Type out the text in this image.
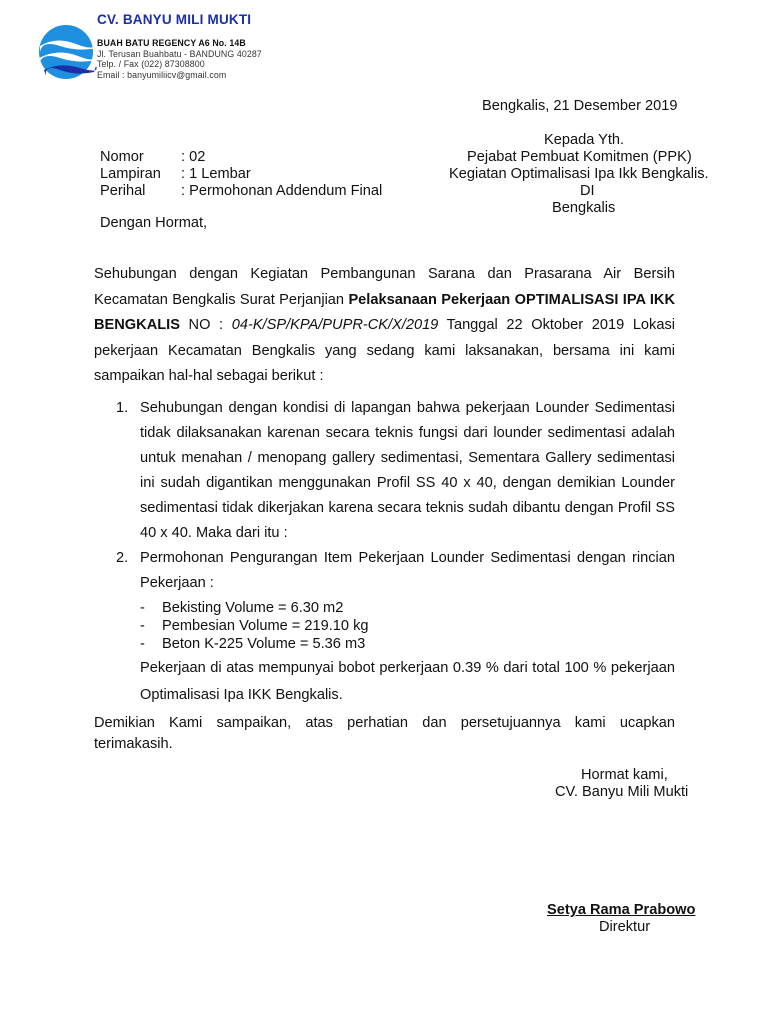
CV. BANYU MILI MUKTI
BUAH BATU REGENCY A6 No. 14B
Jl. Terusan Buahbatu - BANDUNG 40287
Telp. / Fax (022) 87308800
Email : banyumiliicv@gmail.com
Bengkalis, 21 Desember 2019
Nomor	: 02
Lampiran : 1 Lembar
Perihal : Permohonan Addendum Final
Kepada Yth.
Pejabat Pembuat Komitmen (PPK)
Kegiatan Optimalisasi Ipa Ikk Bengkalis.
DI
Bengkalis
Dengan Hormat,
Sehubungan dengan Kegiatan Pembangunan Sarana dan Prasarana Air Bersih Kecamatan Bengkalis Surat Perjanjian Pelaksanaan Pekerjaan OPTIMALISASI IPA IKK BENGKALIS NO : 04-K/SP/KPA/PUPR-CK/X/2019 Tanggal 22 Oktober 2019 Lokasi pekerjaan Kecamatan Bengkalis yang sedang kami laksanakan, bersama ini kami sampaikan hal-hal sebagai berikut :
1. Sehubungan dengan kondisi di lapangan bahwa pekerjaan Lounder Sedimentasi tidak dilaksanakan karenan secara teknis fungsi dari lounder sedimentasi adalah untuk menahan / menopang gallery sedimentasi, Sementara Gallery sedimentasi ini sudah digantikan menggunakan Profil SS 40 x 40, dengan demikian Lounder sedimentasi tidak dikerjakan karena secara teknis sudah dibantu dengan Profil SS 40 x 40. Maka dari itu :
2. Permohonan Pengurangan Item Pekerjaan Lounder Sedimentasi dengan rincian Pekerjaan :
- Bekisting Volume = 6.30 m2
- Pembesian Volume = 219.10 kg
- Beton K-225 Volume = 5.36 m3
Pekerjaan di atas mempunyai bobot perkerjaan 0.39 % dari total 100 % pekerjaan Optimalisasi Ipa IKK Bengkalis.
Demikian Kami sampaikan, atas perhatian dan persetujuannya kami ucapkan terimakasih.
Hormat kami,
CV. Banyu Mili Mukti
Setya Rama Prabowo
Direktur
